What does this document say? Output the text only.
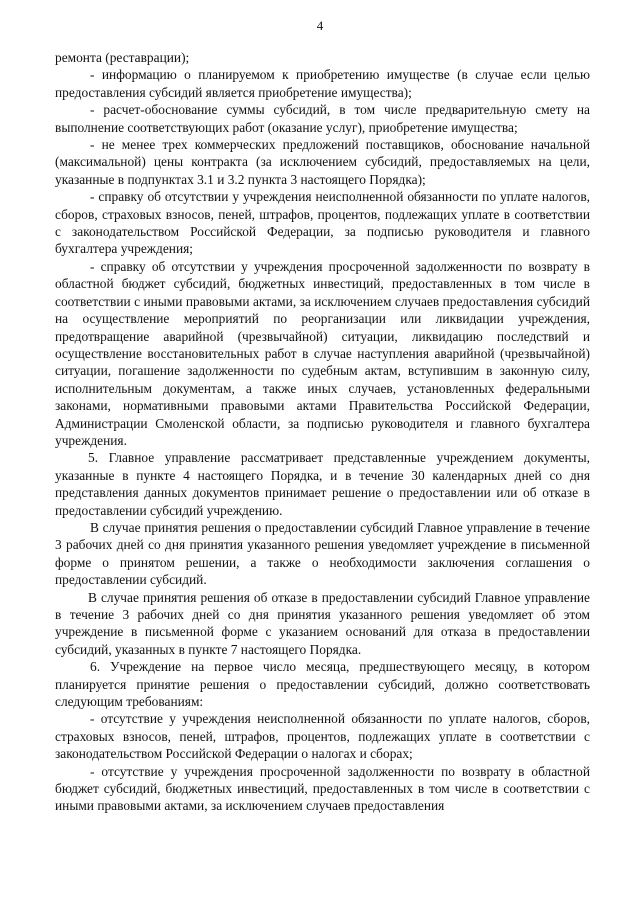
4

ремонта (реставрации);

- информацию о планируемом к приобретению имуществе (в случае если целью предоставления субсидий является приобретение имущества);

- расчет-обоснование суммы субсидий, в том числе предварительную смету на выполнение соответствующих работ (оказание услуг), приобретение имущества;

- не менее трех коммерческих предложений поставщиков, обоснование начальной (максимальной) цены контракта (за исключением субсидий, предоставляемых на цели, указанные в подпунктах 3.1 и 3.2 пункта 3 настоящего Порядка);

- справку об отсутствии у учреждения неисполненной обязанности по уплате налогов, сборов, страховых взносов, пеней, штрафов, процентов, подлежащих уплате в соответствии с законодательством Российской Федерации, за подписью руководителя и главного бухгалтера учреждения;

- справку об отсутствии у учреждения просроченной задолженности по возврату в областной бюджет субсидий, бюджетных инвестиций, предоставленных в том числе в соответствии с иными правовыми актами, за исключением случаев предоставления субсидий на осуществление мероприятий по реорганизации или ликвидации учреждения, предотвращение аварийной (чрезвычайной) ситуации, ликвидацию последствий и осуществление восстановительных работ в случае наступления аварийной (чрезвычайной) ситуации, погашение задолженности по судебным актам, вступившим в законную силу, исполнительным документам, а также иных случаев, установленных федеральными законами, нормативными правовыми актами Правительства Российской Федерации, Администрации Смоленской области, за подписью руководителя и главного бухгалтера учреждения.

5. Главное управление рассматривает представленные учреждением документы, указанные в пункте 4 настоящего Порядка, и в течение 30 календарных дней со дня представления данных документов принимает решение о предоставлении или об отказе в предоставлении субсидий учреждению.

В случае принятия решения о предоставлении субсидий Главное управление в течение 3 рабочих дней со дня принятия указанного решения уведомляет учреждение в письменной форме о принятом решении, а также о необходимости заключения соглашения о предоставлении субсидий.

В случае принятия решения об отказе в предоставлении субсидий Главное управление в течение 3 рабочих дней со дня принятия указанного решения уведомляет об этом учреждение в письменной форме с указанием оснований для отказа в предоставлении субсидий, указанных в пункте 7 настоящего Порядка.

6. Учреждение на первое число месяца, предшествующего месяцу, в котором планируется принятие решения о предоставлении субсидий, должно соответствовать следующим требованиям:

- отсутствие у учреждения неисполненной обязанности по уплате налогов, сборов, страховых взносов, пеней, штрафов, процентов, подлежащих уплате в соответствии с законодательством Российской Федерации о налогах и сборах;

- отсутствие у учреждения просроченной задолженности по возврату в областной бюджет субсидий, бюджетных инвестиций, предоставленных в том числе в соответствии с иными правовыми актами, за исключением случаев предоставления
